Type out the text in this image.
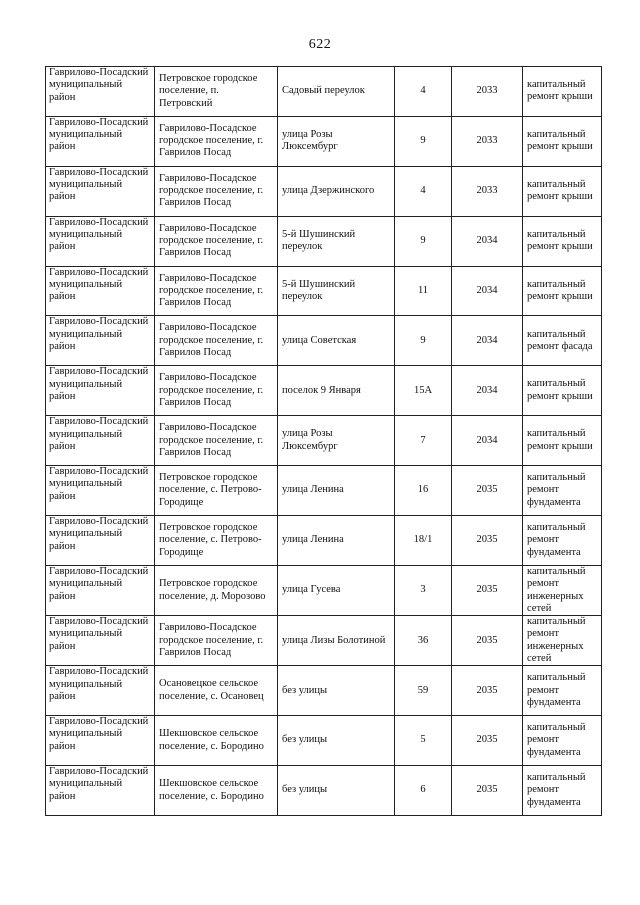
622
Гаврилово-Посадский муниципальный район	Петровское городское поселение, п. Петровский	Садовый переулок	4	2033	капитальный ремонт крыши
Гаврилово-Посадский муниципальный район	Гаврилово-Посадское городское поселение, г. Гаврилов Посад	улица Розы Люксембург	9	2033	капитальный ремонт крыши
Гаврилово-Посадский муниципальный район	Гаврилово-Посадское городское поселение, г. Гаврилов Посад	улица Дзержинского	4	2033	капитальный ремонт крыши
Гаврилово-Посадский муниципальный район	Гаврилово-Посадское городское поселение, г. Гаврилов Посад	5-й Шушинский переулок	9	2034	капитальный ремонт крыши
Гаврилово-Посадский муниципальный район	Гаврилово-Посадское городское поселение, г. Гаврилов Посад	5-й Шушинский переулок	11	2034	капитальный ремонт крыши
Гаврилово-Посадский муниципальный район	Гаврилово-Посадское городское поселение, г. Гаврилов Посад	улица Советская	9	2034	капитальный ремонт фасада
Гаврилово-Посадский муниципальный район	Гаврилово-Посадское городское поселение, г. Гаврилов Посад	поселок 9 Января	15А	2034	капитальный ремонт крыши
Гаврилово-Посадский муниципальный район	Гаврилово-Посадское городское поселение, г. Гаврилов Посад	улица Розы Люксембург	7	2034	капитальный ремонт крыши
Гаврилово-Посадский муниципальный район	Петровское городское поселение, с. Петрово-Городище	улица Ленина	16	2035	капитальный ремонт фундамента
Гаврилово-Посадский муниципальный район	Петровское городское поселение, с. Петрово-Городище	улица Ленина	18/1	2035	капитальный ремонт фундамента
Гаврилово-Посадский муниципальный район	Петровское городское поселение, д. Морозово	улица Гусева	3	2035	капитальный ремонт инженерных сетей
Гаврилово-Посадский муниципальный район	Гаврилово-Посадское городское поселение, г. Гаврилов Посад	улица Лизы Болотиной	36	2035	капитальный ремонт инженерных сетей
Гаврилово-Посадский муниципальный район	Осановецкое сельское поселение, с. Осановец	без улицы	59	2035	капитальный ремонт фундамента
Гаврилово-Посадский муниципальный район	Шекшовское сельское поселение, с. Бородино	без улицы	5	2035	капитальный ремонт фундамента
Гаврилово-Посадский муниципальный район	Шекшовское сельское поселение, с. Бородино	без улицы	6	2035	капитальный ремонт фундамента
